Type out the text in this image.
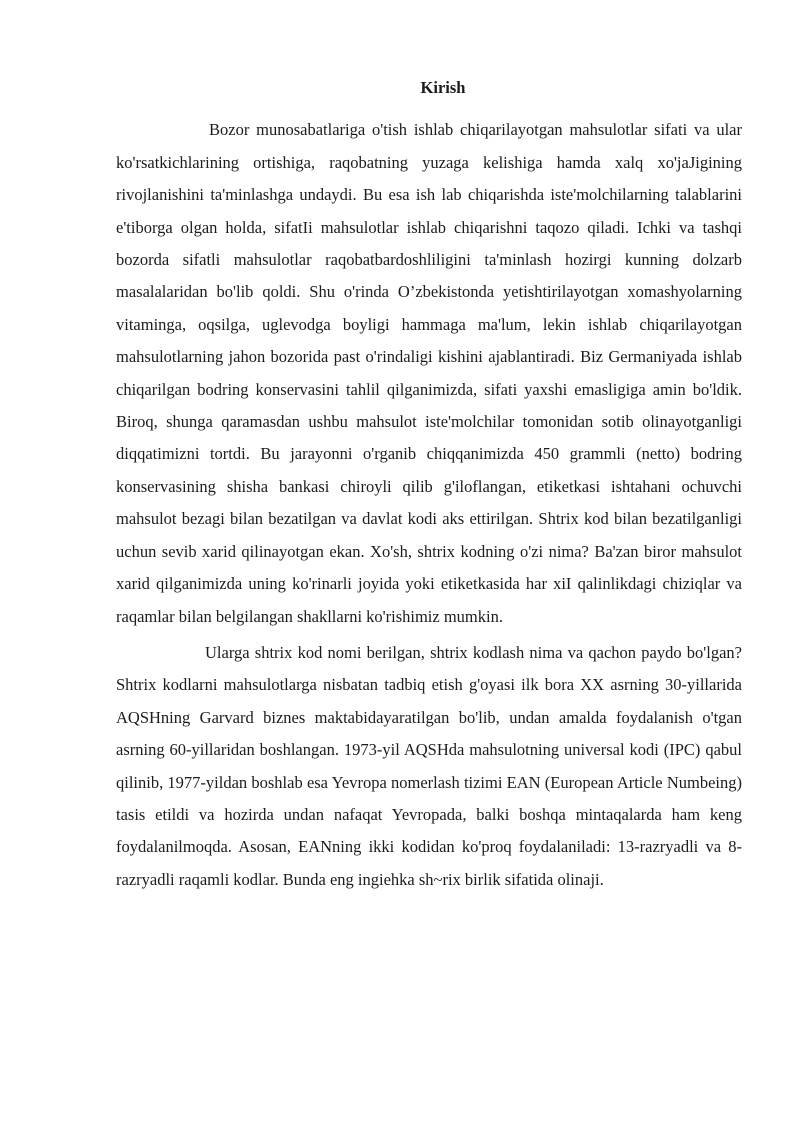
Kirish

Bozor munosabatlariga o'tish ishlab chiqarilayotgan mahsulotlar sifati va ular ko'rsatkichlarining ortishiga, raqobatning yuzaga kelishiga hamda xalq xo'jaJigining rivojlanishini ta'minlashga undaydi. Bu esa ish lab chiqarishda iste'molchilarning talablarini e'tiborga olgan holda, sifatIi mahsulotlar ishlab chiqarishni taqozo qiladi. Ichki va tashqi bozorda sifatli mahsulotlar raqobatbardoshliligini ta'minlash hozirgi kunning dolzarb masalalaridan bo'lib qoldi. Shu o'rinda O’zbekistonda yetishtirilayotgan xomashyolarning vitaminga, oqsilga, uglevodga boyligi hammaga ma'lum, lekin ishlab chiqarilayotgan mahsulotlarning jahon bozorida past o'rindaligi kishini ajablantiradi. Biz Germaniyada ishlab chiqarilgan bodring konservasini tahlil qilganimizda, sifati yaxshi emasligiga amin bo'ldik. Biroq, shunga qaramasdan ushbu mahsulot iste'molchilar tomonidan sotib olinayotganligi diqqatimizni tortdi. Bu jarayonni o'rganib chiqqanimizda 450 grammli (netto) bodring konservasining shisha bankasi chiroyli qilib g'iloflangan, etiketkasi ishtahani ochuvchi mahsulot bezagi bilan bezatilgan va davlat kodi aks ettirilgan. Shtrix kod bilan bezatilganligi uchun sevib xarid qilinayotgan ekan. Xo'sh, shtrix kodning o'zi nima? Ba'zan biror mahsulot xarid qilganimizda uning ko'rinarli joyida yoki etiketkasida har xiI qalinlikdagi chiziqlar va raqamlar bilan belgilangan shakllarni ko'rishimiz mumkin.

Ularga shtrix kod nomi berilgan, shtrix kodlash nima va qachon paydo bo'lgan? Shtrix kodlarni mahsulotlarga nisbatan tadbiq etish g'oyasi ilk bora XX asrning 30-yillarida AQSHning Garvard biznes maktabidayaratilgan bo'lib, undan amalda foydalanish o'tgan asrning 60-yillaridan boshlangan. 1973-yil AQSHda mahsulotning universal kodi (IPC) qabul qilinib, 1977-yildan boshlab esa Yevropa nomerlash tizimi EAN (European Article Numbeing) tasis etildi va hozirda undan nafaqat Yevropada, balki boshqa mintaqalarda ham keng foydalanilmoqda. Asosan, EANning ikki kodidan ko'proq foydalaniladi: 13-razryadli va 8-razryadli raqamli kodlar. Bunda eng ingiehka sh~rix birlik sifatida olinaji.
